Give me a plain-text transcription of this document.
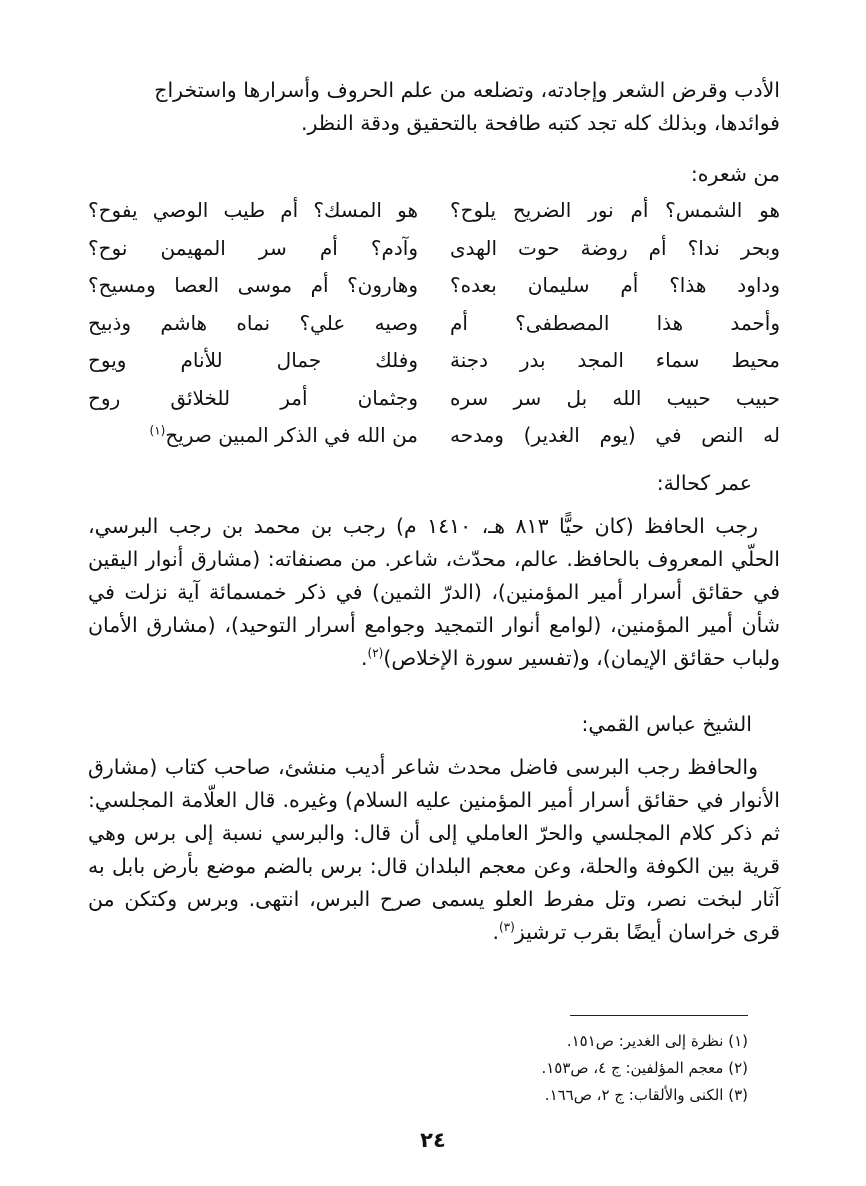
الأدب وقرض الشعر وإجادته، وتضلعه من علم الحروف وأسرارها واستخراج
فوائدها، وبذلك كله تجد كتبه طافحة بالتحقيق ودقة النظر.
من شعره:
هو الشمس؟ أم نور الضريح يلوح؟
وبحر ندا؟ أم روضة حوت الهدى
وداود هذا؟ أم سليمان بعده؟
وأحمد هذا المصطفى؟ أم
محيط سماء المجد بدر دجنة
حبيب حبيب الله بل سر سره
له النص في (يوم الغدير) ومدحه
هو المسك؟ أم طيب الوصي يفوح؟
وآدم؟ أم سر المهيمن نوح؟
وهارون؟ أم موسى العصا ومسيح؟
وصيه علي؟ نماه هاشم وذبيح
وفلك جمال للأنام ويوح
وجثمان أمر للخلائق روح
من الله في الذكر المبين صريح$^{(١)}$
عمر كحالة:
رجب الحافظ (كان حيًّا ٨١٣ هـ، ١٤١٠ م) رجب بن محمد بن رجب البرسي، الحلّي المعروف بالحافظ. عالم، محدّث، شاعر. من مصنفاته: (مشارق أنوار اليقين في حقائق أسرار أمير المؤمنين)، (الدرّ الثمين) في ذكر خمسمائة آية نزلت في شأن أمير المؤمنين، (لوامع أنوار التمجيد وجوامع أسرار التوحيد)، (مشارق الأمان ولباب حقائق الإيمان)، و(تفسير سورة الإخلاص)$^{(٢)}$.
الشيخ عباس القمي:
والحافظ رجب البرسى فاضل محدث شاعر أديب منشئ، صاحب كتاب (مشارق الأنوار في حقائق أسرار أمير المؤمنين عليه السلام) وغيره. قال العلّامة المجلسي: ثم ذكر كلام المجلسي والحرّ العاملي إلى أن قال: والبرسي نسبة إلى برس وهي قرية بين الكوفة والحلة، وعن معجم البلدان قال: برس بالضم موضع بأرض بابل به آثار لبخت نصر، وتل مفرط العلو يسمى صرح البرس، انتهى. وبرس وكتكن من قرى خراسان أيضًا بقرب ترشيز$^{(٣)}$.
(١) نظرة إلى الغدير: ص١٥١.
(٢) معجم المؤلفين: ج ٤، ص١٥٣.
(٣) الكنى والألقاب: ج ٢، ص١٦٦.
٢٤
